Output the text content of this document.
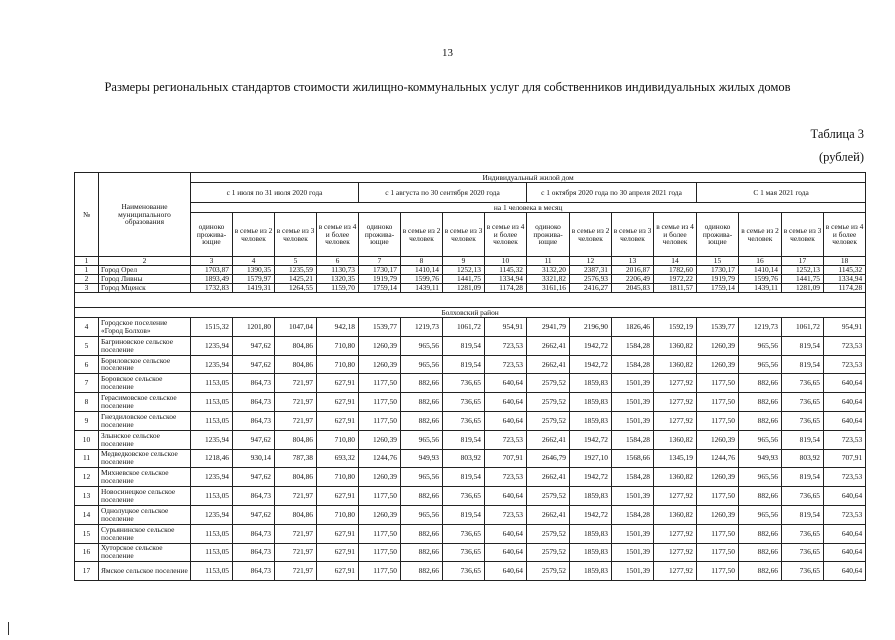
13
Размеры региональных стандартов стоимости жилищно-коммунальных услуг для собственников индивидуальных жилых домов
Таблица 3
(рублей)
№	Наименование муниципального образования	Индивидуальный жилой дом															
		с 1 июля по 31 июля 2020 года				с 1 августа по 30 сентября 2020 года				с 1 октября 2020 года по 30 апреля 2021 года				С 1 мая 2021 года			
		на 1 человека в месяц															
		одиноко прожива-ющие	в семье из 2 человек	в семье из 3 человек	в семье из 4 и более человек	одиноко прожива-ющие	в семье из 2 человек	в семье из 3 человек	в семье из 4 и более человек	одиноко прожива-ющие	в семье из 2 человек	в семье из 3 человек	в семье из 4 и более человек	одиноко прожива-ющие	в семье из 2 человек	в семье из 3 человек	в семье из 4 и более человек
1	2	3	4	5	6	7	8	9	10	11	12	13	14	15	16	17	18
1	Город Орел	1703,87	1390,35	1235,59	1130,73	1730,17	1410,14	1252,13	1145,32	3132,20	2387,31	2016,87	1782,60	1730,17	1410,14	1252,13	1145,32
2	Город Ливны	1893,49	1579,97	1425,21	1320,35	1919,79	1599,76	1441,75	1334,94	3321,82	2576,93	2206,49	1972,22	1919,79	1599,76	1441,75	1334,94
3	Город Мценск	1732,83	1419,31	1264,55	1159,70	1759,14	1439,11	1281,09	1174,28	3161,16	2416,27	2045,83	1811,57	1759,14	1439,11	1281,09	1174,28

Болховский район																	
4	Городское поселение «Город Болхов»	1515,32	1201,80	1047,04	942,18	1539,77	1219,73	1061,72	954,91	2941,79	2196,90	1826,46	1592,19	1539,77	1219,73	1061,72	954,91
5	Багриновское сельское поселение	1235,94	947,62	804,86	710,80	1260,39	965,56	819,54	723,53	2662,41	1942,72	1584,28	1360,82	1260,39	965,56	819,54	723,53
6	Бориловское сельское поселение	1235,94	947,62	804,86	710,80	1260,39	965,56	819,54	723,53	2662,41	1942,72	1584,28	1360,82	1260,39	965,56	819,54	723,53
7	Боровское сельское поселение	1153,05	864,73	721,97	627,91	1177,50	882,66	736,65	640,64	2579,52	1859,83	1501,39	1277,92	1177,50	882,66	736,65	640,64
8	Герасимовское сельское поселение	1153,05	864,73	721,97	627,91	1177,50	882,66	736,65	640,64	2579,52	1859,83	1501,39	1277,92	1177,50	882,66	736,65	640,64
9	Гнездиловское сельское поселение	1153,05	864,73	721,97	627,91	1177,50	882,66	736,65	640,64	2579,52	1859,83	1501,39	1277,92	1177,50	882,66	736,65	640,64
10	Злынское сельское поселение	1235,94	947,62	804,86	710,80	1260,39	965,56	819,54	723,53	2662,41	1942,72	1584,28	1360,82	1260,39	965,56	819,54	723,53
11	Медведковское сельское поселение	1218,46	930,14	787,38	693,32	1244,76	949,93	803,92	707,91	2646,79	1927,10	1568,66	1345,19	1244,76	949,93	803,92	707,91
12	Михневское сельское поселение	1235,94	947,62	804,86	710,80	1260,39	965,56	819,54	723,53	2662,41	1942,72	1584,28	1360,82	1260,39	965,56	819,54	723,53
13	Новосинецкое сельское поселение	1153,05	864,73	721,97	627,91	1177,50	882,66	736,65	640,64	2579,52	1859,83	1501,39	1277,92	1177,50	882,66	736,65	640,64
14	Однолуцкое сельское поселение	1235,94	947,62	804,86	710,80	1260,39	965,56	819,54	723,53	2662,41	1942,72	1584,28	1360,82	1260,39	965,56	819,54	723,53
15	Сурьянинское сельское поселение	1153,05	864,73	721,97	627,91	1177,50	882,66	736,65	640,64	2579,52	1859,83	1501,39	1277,92	1177,50	882,66	736,65	640,64
16	Хуторское сельское поселение	1153,05	864,73	721,97	627,91	1177,50	882,66	736,65	640,64	2579,52	1859,83	1501,39	1277,92	1177,50	882,66	736,65	640,64
17	Ямское сельское поселение	1153,05	864,73	721,97	627,91	1177,50	882,66	736,65	640,64	2579,52	1859,83	1501,39	1277,92	1177,50	882,66	736,65	640,64
